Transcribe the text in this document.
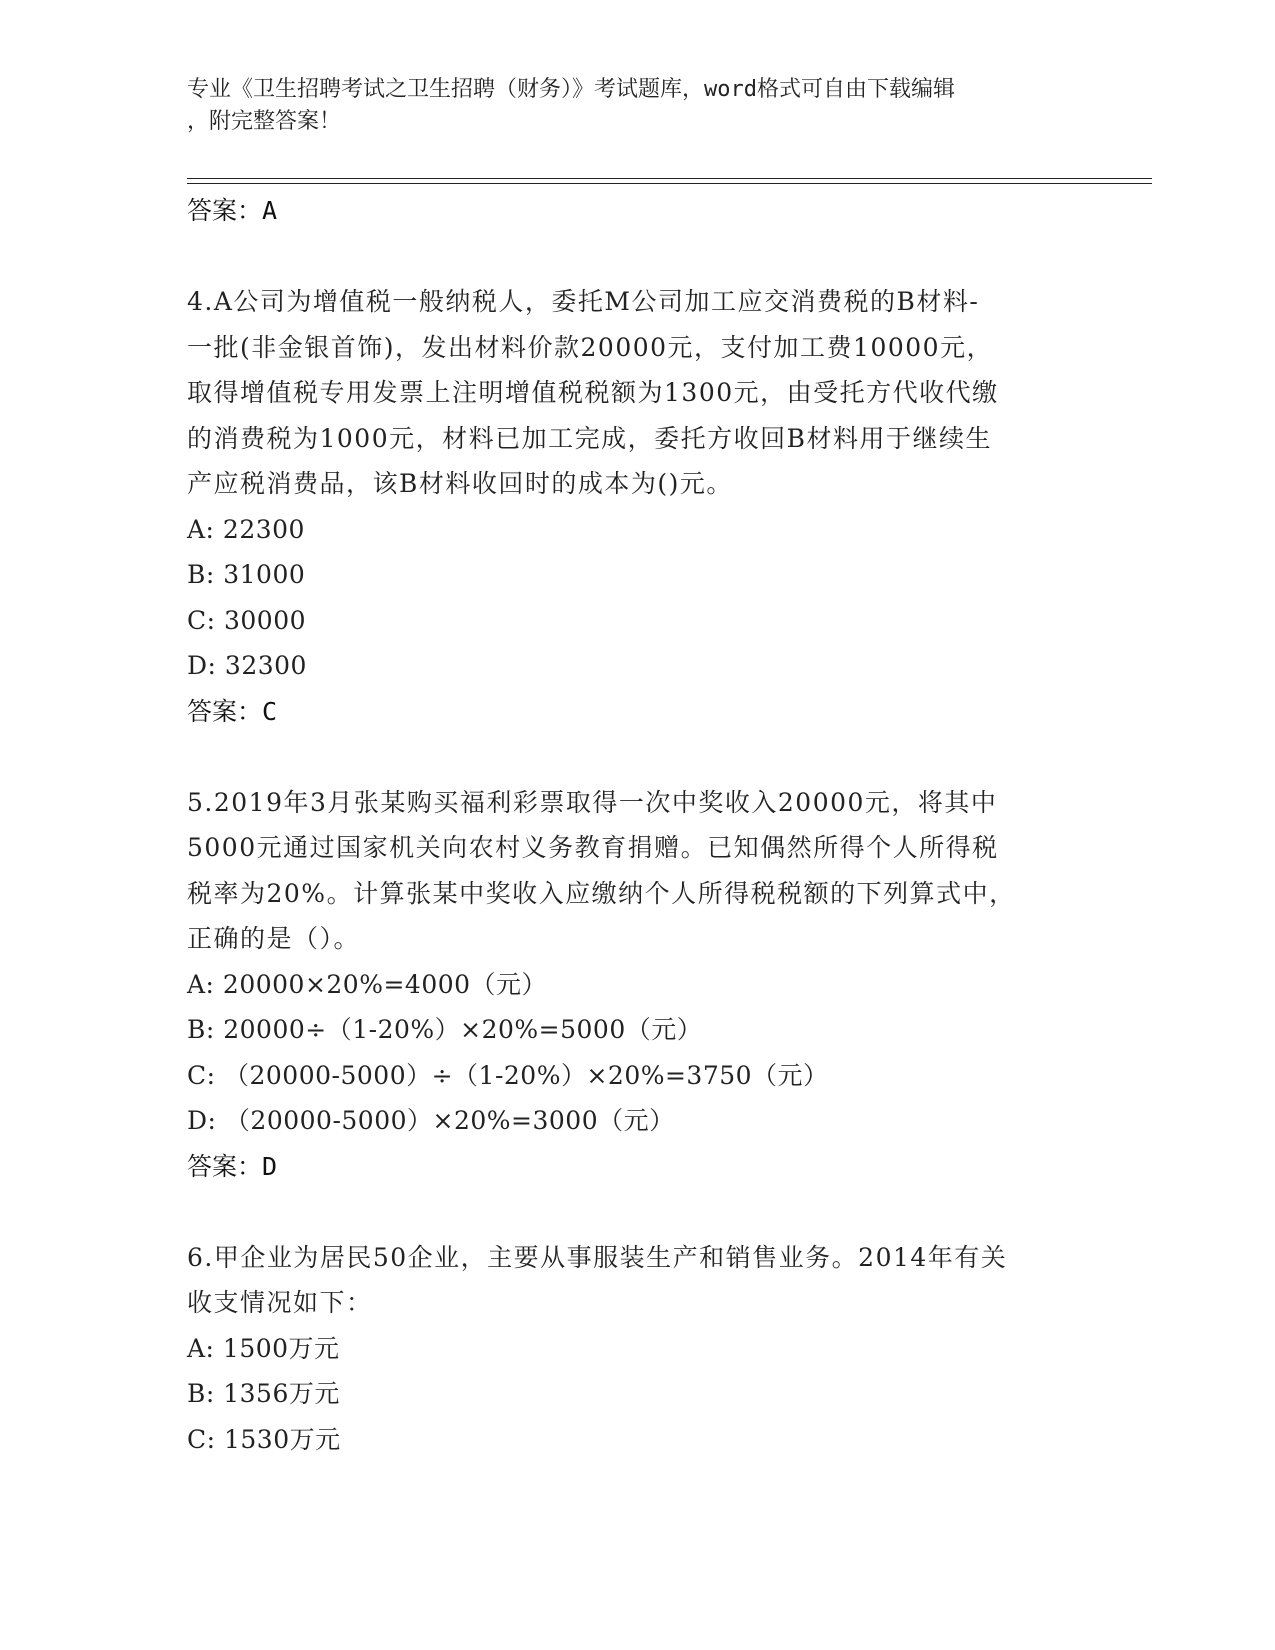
专业《卫生招聘考试之卫生招聘（财务）》考试题库，word格式可自由下载编辑
，附完整答案！
答案：A
4.A公司为增值税一般纳税人，委托M公司加工应交消费税的B材料-
一批(非金银首饰)，发出材料价款20000元，支付加工费10000元，
取得增值税专用发票上注明增值税税额为1300元，由受托方代收代缴
的消费税为1000元，材料已加工完成，委托方收回B材料用于继续生
产应税消费品，该B材料收回时的成本为()元。
A: 22300
B: 31000
C: 30000
D: 32300
答案：C
5.2019年3月张某购买福利彩票取得一次中奖收入20000元，将其中
5000元通过国家机关向农村义务教育捐赠。已知偶然所得个人所得税
税率为20%。计算张某中奖收入应缴纳个人所得税税额的下列算式中，
正确的是（）。
A: 20000×20%=4000（元）
B: 20000÷（1-20%）×20%=5000（元）
C: （20000-5000）÷（1-20%）×20%=3750（元）
D: （20000-5000）×20%=3000（元）
答案：D
6.甲企业为居民50企业，主要从事服装生产和销售业务。2014年有关
收支情况如下：
A: 1500万元
B: 1356万元
C: 1530万元
